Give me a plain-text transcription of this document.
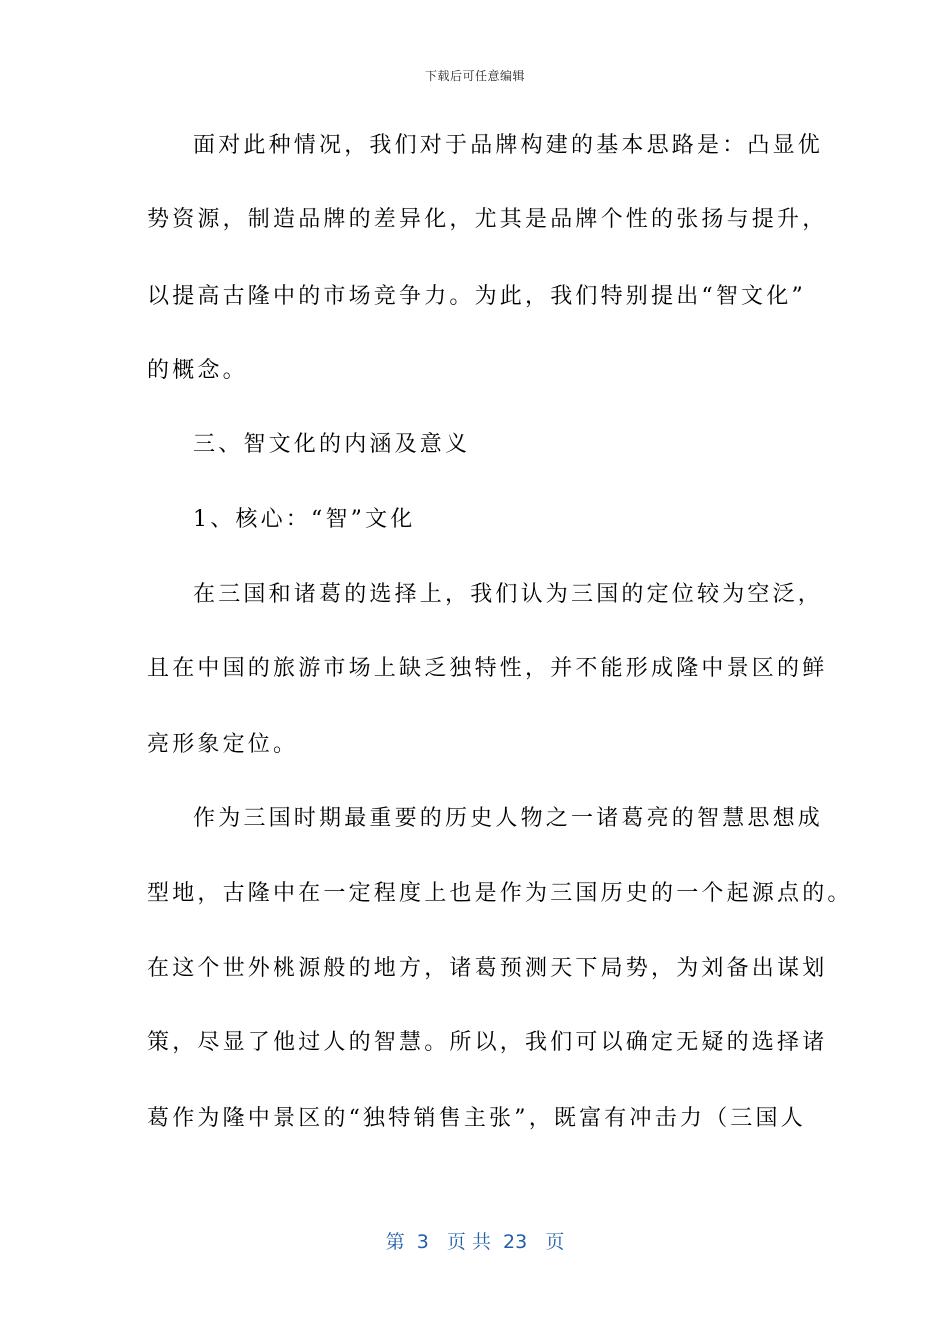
下载后可任意编辑
面对此种情况，我们对于品牌构建的基本思路是：凸显优
势资源，制造品牌的差异化，尤其是品牌个性的张扬与提升，
以提高古隆中的市场竞争力。为此，我们特别提出“智文化”
的概念。
三、智文化的内涵及意义
1、核心：“智”文化
在三国和诸葛的选择上，我们认为三国的定位较为空泛，
且在中国的旅游市场上缺乏独特性，并不能形成隆中景区的鲜
亮形象定位。
作为三国时期最重要的历史人物之一诸葛亮的智慧思想成
型地，古隆中在一定程度上也是作为三国历史的一个起源点的。
在这个世外桃源般的地方，诸葛预测天下局势，为刘备出谋划
策，尽显了他过人的智慧。所以，我们可以确定无疑的选择诸
葛作为隆中景区的“独特销售主张”，既富有冲击力（三国人
第  3   页 共  23   页
